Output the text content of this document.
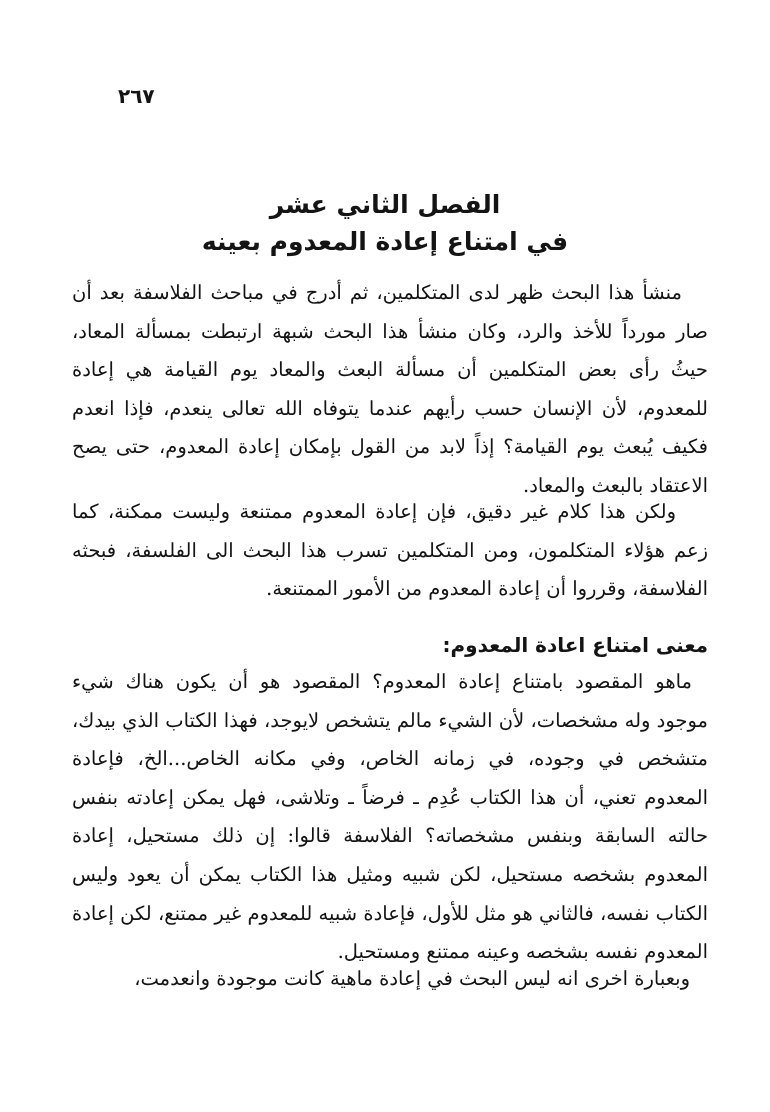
٢٦٧
الفصل الثاني عشر
في امتناع إعادة المعدوم بعينه

منشأ هذا البحث ظهر لدى المتكلمين، ثم أدرج في مباحث الفلاسفة بعد أن صار مورداً للأخذ والرد، وكان منشأ هذا البحث شبهة ارتبطت بمسألة المعاد، حيثُ رأى بعض المتكلمين أن مسألة البعث والمعاد يوم القيامة هي إعادة للمعدوم، لأن الإنسان حسب رأيهم عندما يتوفاه الله تعالى ينعدم، فإذا انعدم فكيف يُبعث يوم القيامة؟ إذاً لابد من القول بإمكان إعادة المعدوم، حتى يصح الاعتقاد بالبعث والمعاد.

ولكن هذا كلام غير دقيق، فإن إعادة المعدوم ممتنعة وليست ممكنة، كما زعم هؤلاء المتكلمون، ومن المتكلمين تسرب هذا البحث الى الفلسفة، فبحثه الفلاسفة، وقرروا أن إعادة المعدوم من الأمور الممتنعة.

معنى امتناع اعادة المعدوم:

ماهو المقصود بامتناع إعادة المعدوم؟ المقصود هو أن يكون هناك شيء موجود وله مشخصات، لأن الشيء مالم يتشخص لايوجد، فهذا الكتاب الذي بيدك، متشخص في وجوده، في زمانه الخاص، وفي مكانه الخاص...الخ، فإعادة المعدوم تعني، أن هذا الكتاب عُدِم ـ فرضاً ـ وتلاشى، فهل يمكن إعادته بنفس حالته السابقة وبنفس مشخصاته؟ الفلاسفة قالوا: إن ذلك مستحيل، إعادة المعدوم بشخصه مستحيل، لكن شبيه ومثيل هذا الكتاب يمكن أن يعود وليس الكتاب نفسه، فالثاني هو مثل للأول، فإعادة شبيه للمعدوم غير ممتنع، لكن إعادة المعدوم نفسه بشخصه وعينه ممتنع ومستحيل.

وبعبارة اخرى انه ليس البحث في إعادة ماهية كانت موجودة وانعدمت،
